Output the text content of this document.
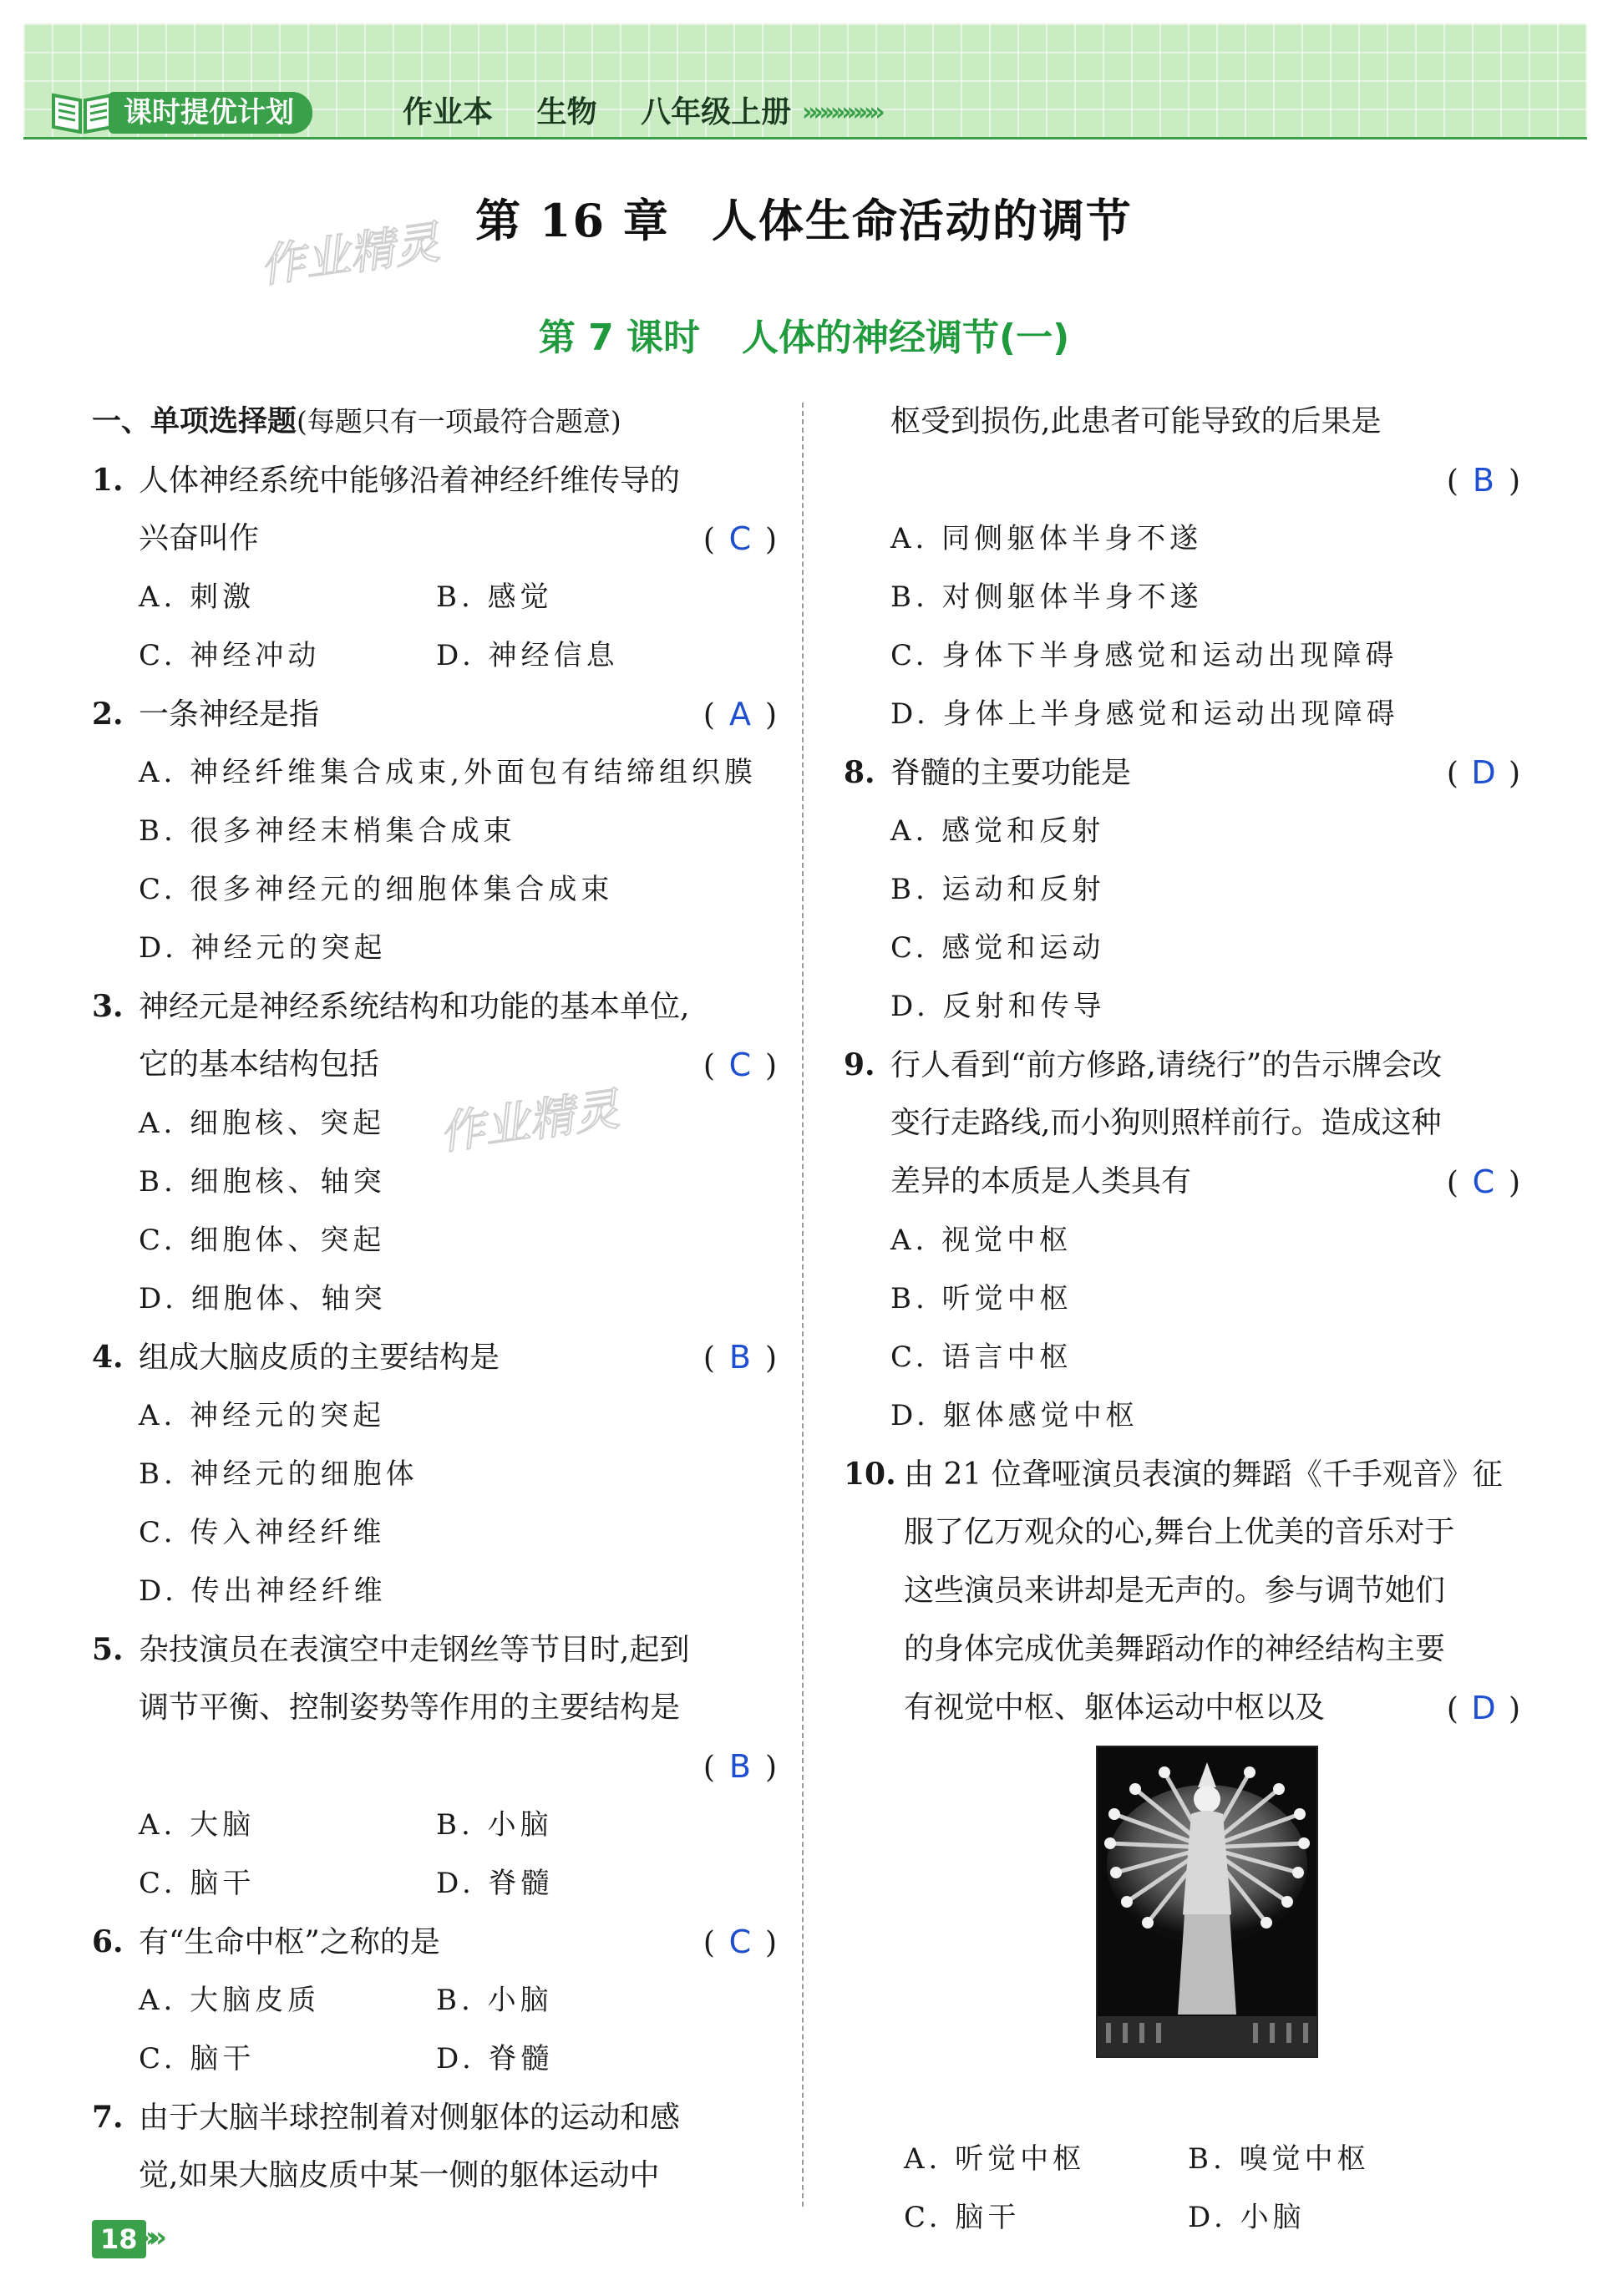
课时提优计划	作业本 生物 八年级上册 »»»»»»»
第 16 章 人体生命活动的调节
第 7 课时 人体的神经调节(一)
作业精灵
作业精灵
一、单项选择题(每题只有一项最符合题意)
1. 人体神经系统中能够沿着神经纤维传导的
兴奋叫作	( C )
A. 刺激	B. 感觉
C. 神经冲动	D. 神经信息
2. 一条神经是指	( A )
A. 神经纤维集合成束,外面包有结缔组织膜
B. 很多神经末梢集合成束
C. 很多神经元的细胞体集合成束
D. 神经元的突起
3. 神经元是神经系统结构和功能的基本单位,
它的基本结构包括	( C )
A. 细胞核、突起
B. 细胞核、轴突
C. 细胞体、突起
D. 细胞体、轴突
4. 组成大脑皮质的主要结构是	( B )
A. 神经元的突起
B. 神经元的细胞体
C. 传入神经纤维
D. 传出神经纤维
5. 杂技演员在表演空中走钢丝等节目时,起到
调节平衡、控制姿势等作用的主要结构是
( B )
A. 大脑	B. 小脑
C. 脑干	D. 脊髓
6. 有“生命中枢”之称的是	( C )
A. 大脑皮质	B. 小脑
C. 脑干	D. 脊髓
7. 由于大脑半球控制着对侧躯体的运动和感
觉,如果大脑皮质中某一侧的躯体运动中
枢受到损伤,此患者可能导致的后果是
( B )
A. 同侧躯体半身不遂
B. 对侧躯体半身不遂
C. 身体下半身感觉和运动出现障碍
D. 身体上半身感觉和运动出现障碍
8. 脊髓的主要功能是	( D )
A. 感觉和反射
B. 运动和反射
C. 感觉和运动
D. 反射和传导
9. 行人看到“前方修路,请绕行”的告示牌会改
变行走路线,而小狗则照样前行。造成这种
差异的本质是人类具有	( C )
A. 视觉中枢
B. 听觉中枢
C. 语言中枢
D. 躯体感觉中枢
10. 由 21 位聋哑演员表演的舞蹈《千手观音》征
服了亿万观众的心,舞台上优美的音乐对于
这些演员来讲却是无声的。参与调节她们
的身体完成优美舞蹈动作的神经结构主要
有视觉中枢、躯体运动中枢以及	( D )
A. 听觉中枢	B. 嗅觉中枢
C. 脑干	D. 小脑
18 »»
